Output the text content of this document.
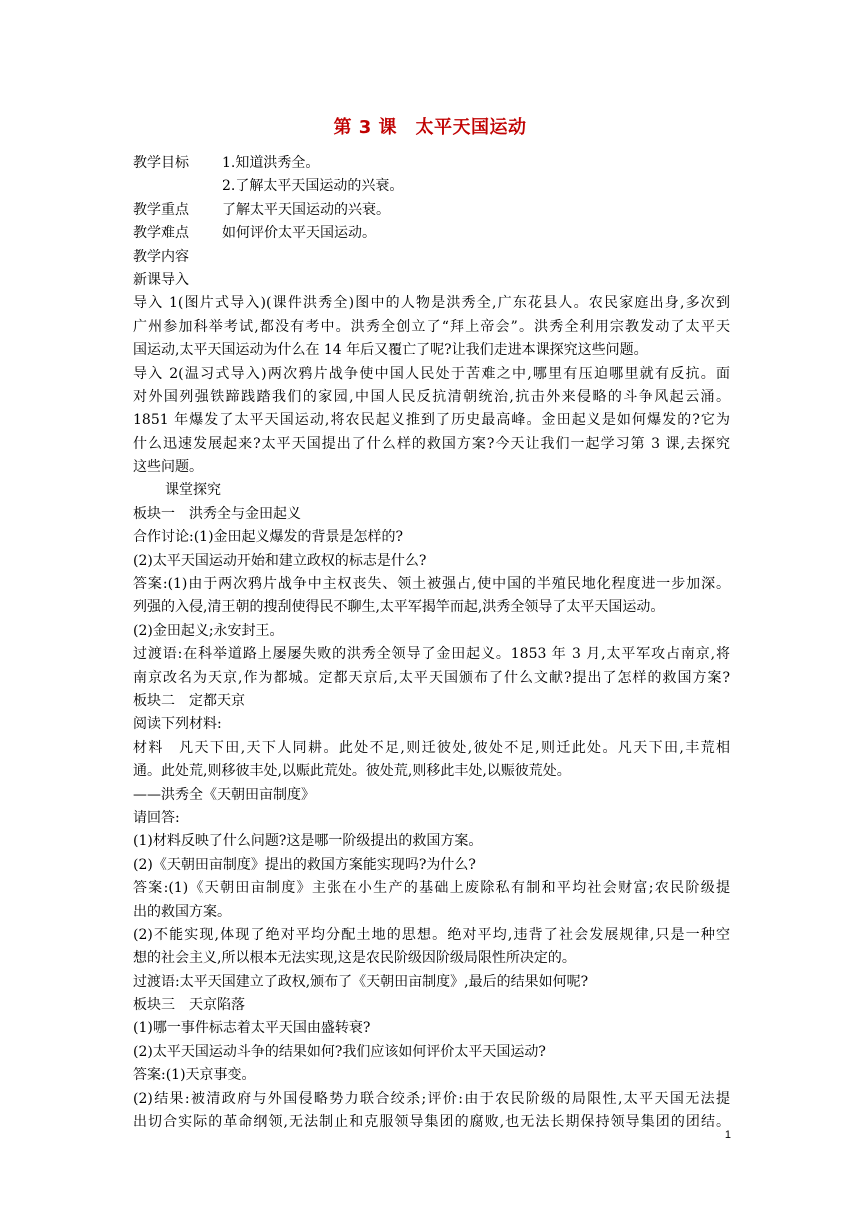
第 3 课　太平天国运动
教学目标	1.知道洪秀全。
2.了解太平天国运动的兴衰。
教学重点	了解太平天国运动的兴衰。
教学难点	如何评价太平天国运动。
教学内容
新课导入
导入 1(图片式导入)(课件洪秀全)图中的人物是洪秀全,广东花县人。农民家庭出身,多次到
广州参加科举考试,都没有考中。洪秀全创立了“拜上帝会”。洪秀全利用宗教发动了太平天
国运动,太平天国运动为什么在 14 年后又覆亡了呢?让我们走进本课探究这些问题。
导入 2(温习式导入)两次鸦片战争使中国人民处于苦难之中,哪里有压迫哪里就有反抗。面
对外国列强铁蹄践踏我们的家园,中国人民反抗清朝统治,抗击外来侵略的斗争风起云涌。
1851 年爆发了太平天国运动,将农民起义推到了历史最高峰。金田起义是如何爆发的?它为
什么迅速发展起来?太平天国提出了什么样的救国方案?今天让我们一起学习第 3 课,去探究
这些问题。
课堂探究
板块一　洪秀全与金田起义
合作讨论:(1)金田起义爆发的背景是怎样的?
(2)太平天国运动开始和建立政权的标志是什么?
答案:(1)由于两次鸦片战争中主权丧失、领土被强占,使中国的半殖民地化程度进一步加深。
列强的入侵,清王朝的搜刮使得民不聊生,太平军揭竿而起,洪秀全领导了太平天国运动。
(2)金田起义;永安封王。
过渡语:在科举道路上屡屡失败的洪秀全领导了金田起义。1853 年 3 月,太平军攻占南京,将
南京改名为天京,作为都城。定都天京后,太平天国颁布了什么文献?提出了怎样的救国方案?
板块二　定都天京
阅读下列材料:
材料　凡天下田,天下人同耕。此处不足,则迁彼处,彼处不足,则迁此处。凡天下田,丰荒相
通。此处荒,则移彼丰处,以赈此荒处。彼处荒,则移此丰处,以赈彼荒处。
——洪秀全《天朝田亩制度》
请回答:
(1)材料反映了什么问题?这是哪一阶级提出的救国方案。
(2)《天朝田亩制度》提出的救国方案能实现吗?为什么?
答案:(1)《天朝田亩制度》主张在小生产的基础上废除私有制和平均社会财富;农民阶级提
出的救国方案。
(2)不能实现,体现了绝对平均分配土地的思想。绝对平均,违背了社会发展规律,只是一种空
想的社会主义,所以根本无法实现,这是农民阶级因阶级局限性所决定的。
过渡语:太平天国建立了政权,颁布了《天朝田亩制度》,最后的结果如何呢?
板块三　天京陷落
(1)哪一事件标志着太平天国由盛转衰?
(2)太平天国运动斗争的结果如何?我们应该如何评价太平天国运动?
答案:(1)天京事变。
(2)结果:被清政府与外国侵略势力联合绞杀;评价:由于农民阶级的局限性,太平天国无法提
出切合实际的革命纲领,无法制止和克服领导集团的腐败,也无法长期保持领导集团的团结。
1
